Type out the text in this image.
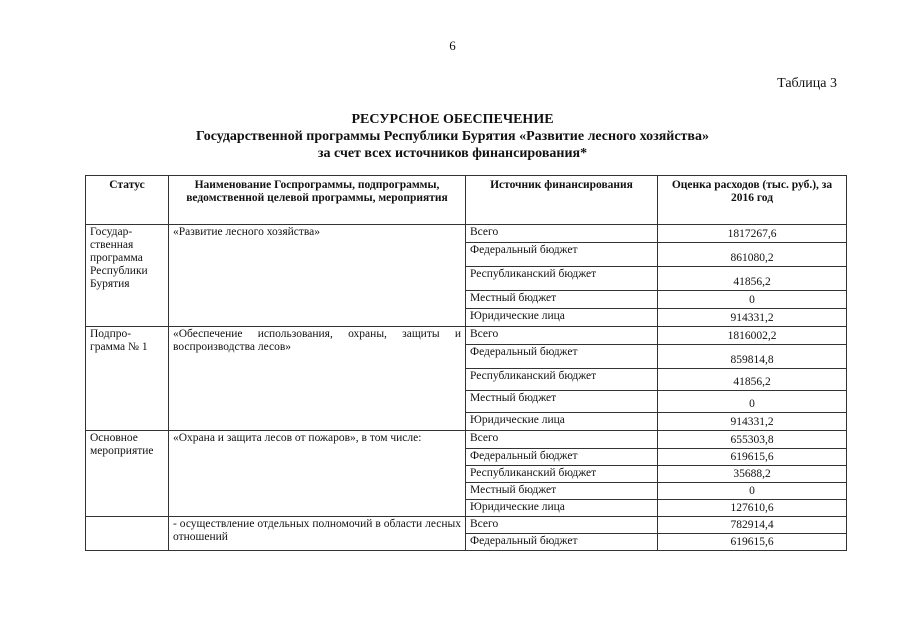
6
Таблица 3
РЕСУРСНОЕ ОБЕСПЕЧЕНИЕ
Государственной программы Республики Бурятия «Развитие лесного хозяйства»
за счет всех источников финансирования*
Статус	Наименование Госпрограммы, подпрограммы, ведомственной целевой программы, мероприятия	Источник финансирования	Оценка расходов (тыс. руб.), за 2016 год
Государ-ственная программа Республики Бурятия	«Развитие лесного хозяйства»	Всего	1817267,6
		Федеральный бюджет	861080,2
		Республиканский бюджет	41856,2
		Местный бюджет	0
		Юридические лица	914331,2
Подпро-грамма № 1	«Обеспечение использования, охраны, защиты и воспроизводства лесов»	Всего	1816002,2
		Федеральный бюджет	859814,8
		Республиканский бюджет	41856,2
		Местный бюджет	0
		Юридические лица	914331,2
Основное мероприятие	«Охрана и защита лесов от пожаров», в том числе:	Всего	655303,8
		Федеральный бюджет	619615,6
		Республиканский бюджет	35688,2
		Местный бюджет	0
		Юридические лица	127610,6
	- осуществление отдельных полномочий в области лесных отношений	Всего	782914,4
		Федеральный бюджет	619615,6
